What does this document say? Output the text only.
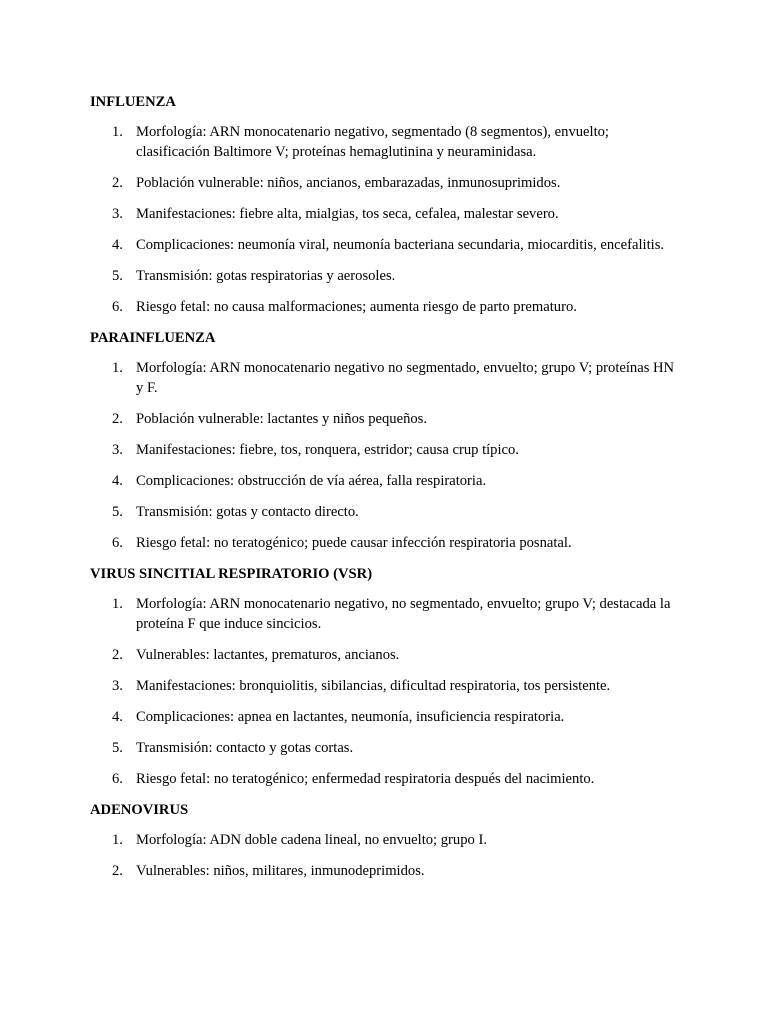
INFLUENZA
1. Morfología: ARN monocatenario negativo, segmentado (8 segmentos), envuelto; clasificación Baltimore V; proteínas hemaglutinina y neuraminidasa.
2. Población vulnerable: niños, ancianos, embarazadas, inmunosuprimidos.
3. Manifestaciones: fiebre alta, mialgias, tos seca, cefalea, malestar severo.
4. Complicaciones: neumonía viral, neumonía bacteriana secundaria, miocarditis, encefalitis.
5. Transmisión: gotas respiratorias y aerosoles.
6. Riesgo fetal: no causa malformaciones; aumenta riesgo de parto prematuro.
PARAINFLUENZA
1. Morfología: ARN monocatenario negativo no segmentado, envuelto; grupo V; proteínas HN y F.
2. Población vulnerable: lactantes y niños pequeños.
3. Manifestaciones: fiebre, tos, ronquera, estridor; causa crup típico.
4. Complicaciones: obstrucción de vía aérea, falla respiratoria.
5. Transmisión: gotas y contacto directo.
6. Riesgo fetal: no teratogénico; puede causar infección respiratoria posnatal.
VIRUS SINCITIAL RESPIRATORIO (VSR)
1. Morfología: ARN monocatenario negativo, no segmentado, envuelto; grupo V; destacada la proteína F que induce sincicios.
2. Vulnerables: lactantes, prematuros, ancianos.
3. Manifestaciones: bronquiolitis, sibilancias, dificultad respiratoria, tos persistente.
4. Complicaciones: apnea en lactantes, neumonía, insuficiencia respiratoria.
5. Transmisión: contacto y gotas cortas.
6. Riesgo fetal: no teratogénico; enfermedad respiratoria después del nacimiento.
ADENOVIRUS
1. Morfología: ADN doble cadena lineal, no envuelto; grupo I.
2. Vulnerables: niños, militares, inmunodeprimidos.
